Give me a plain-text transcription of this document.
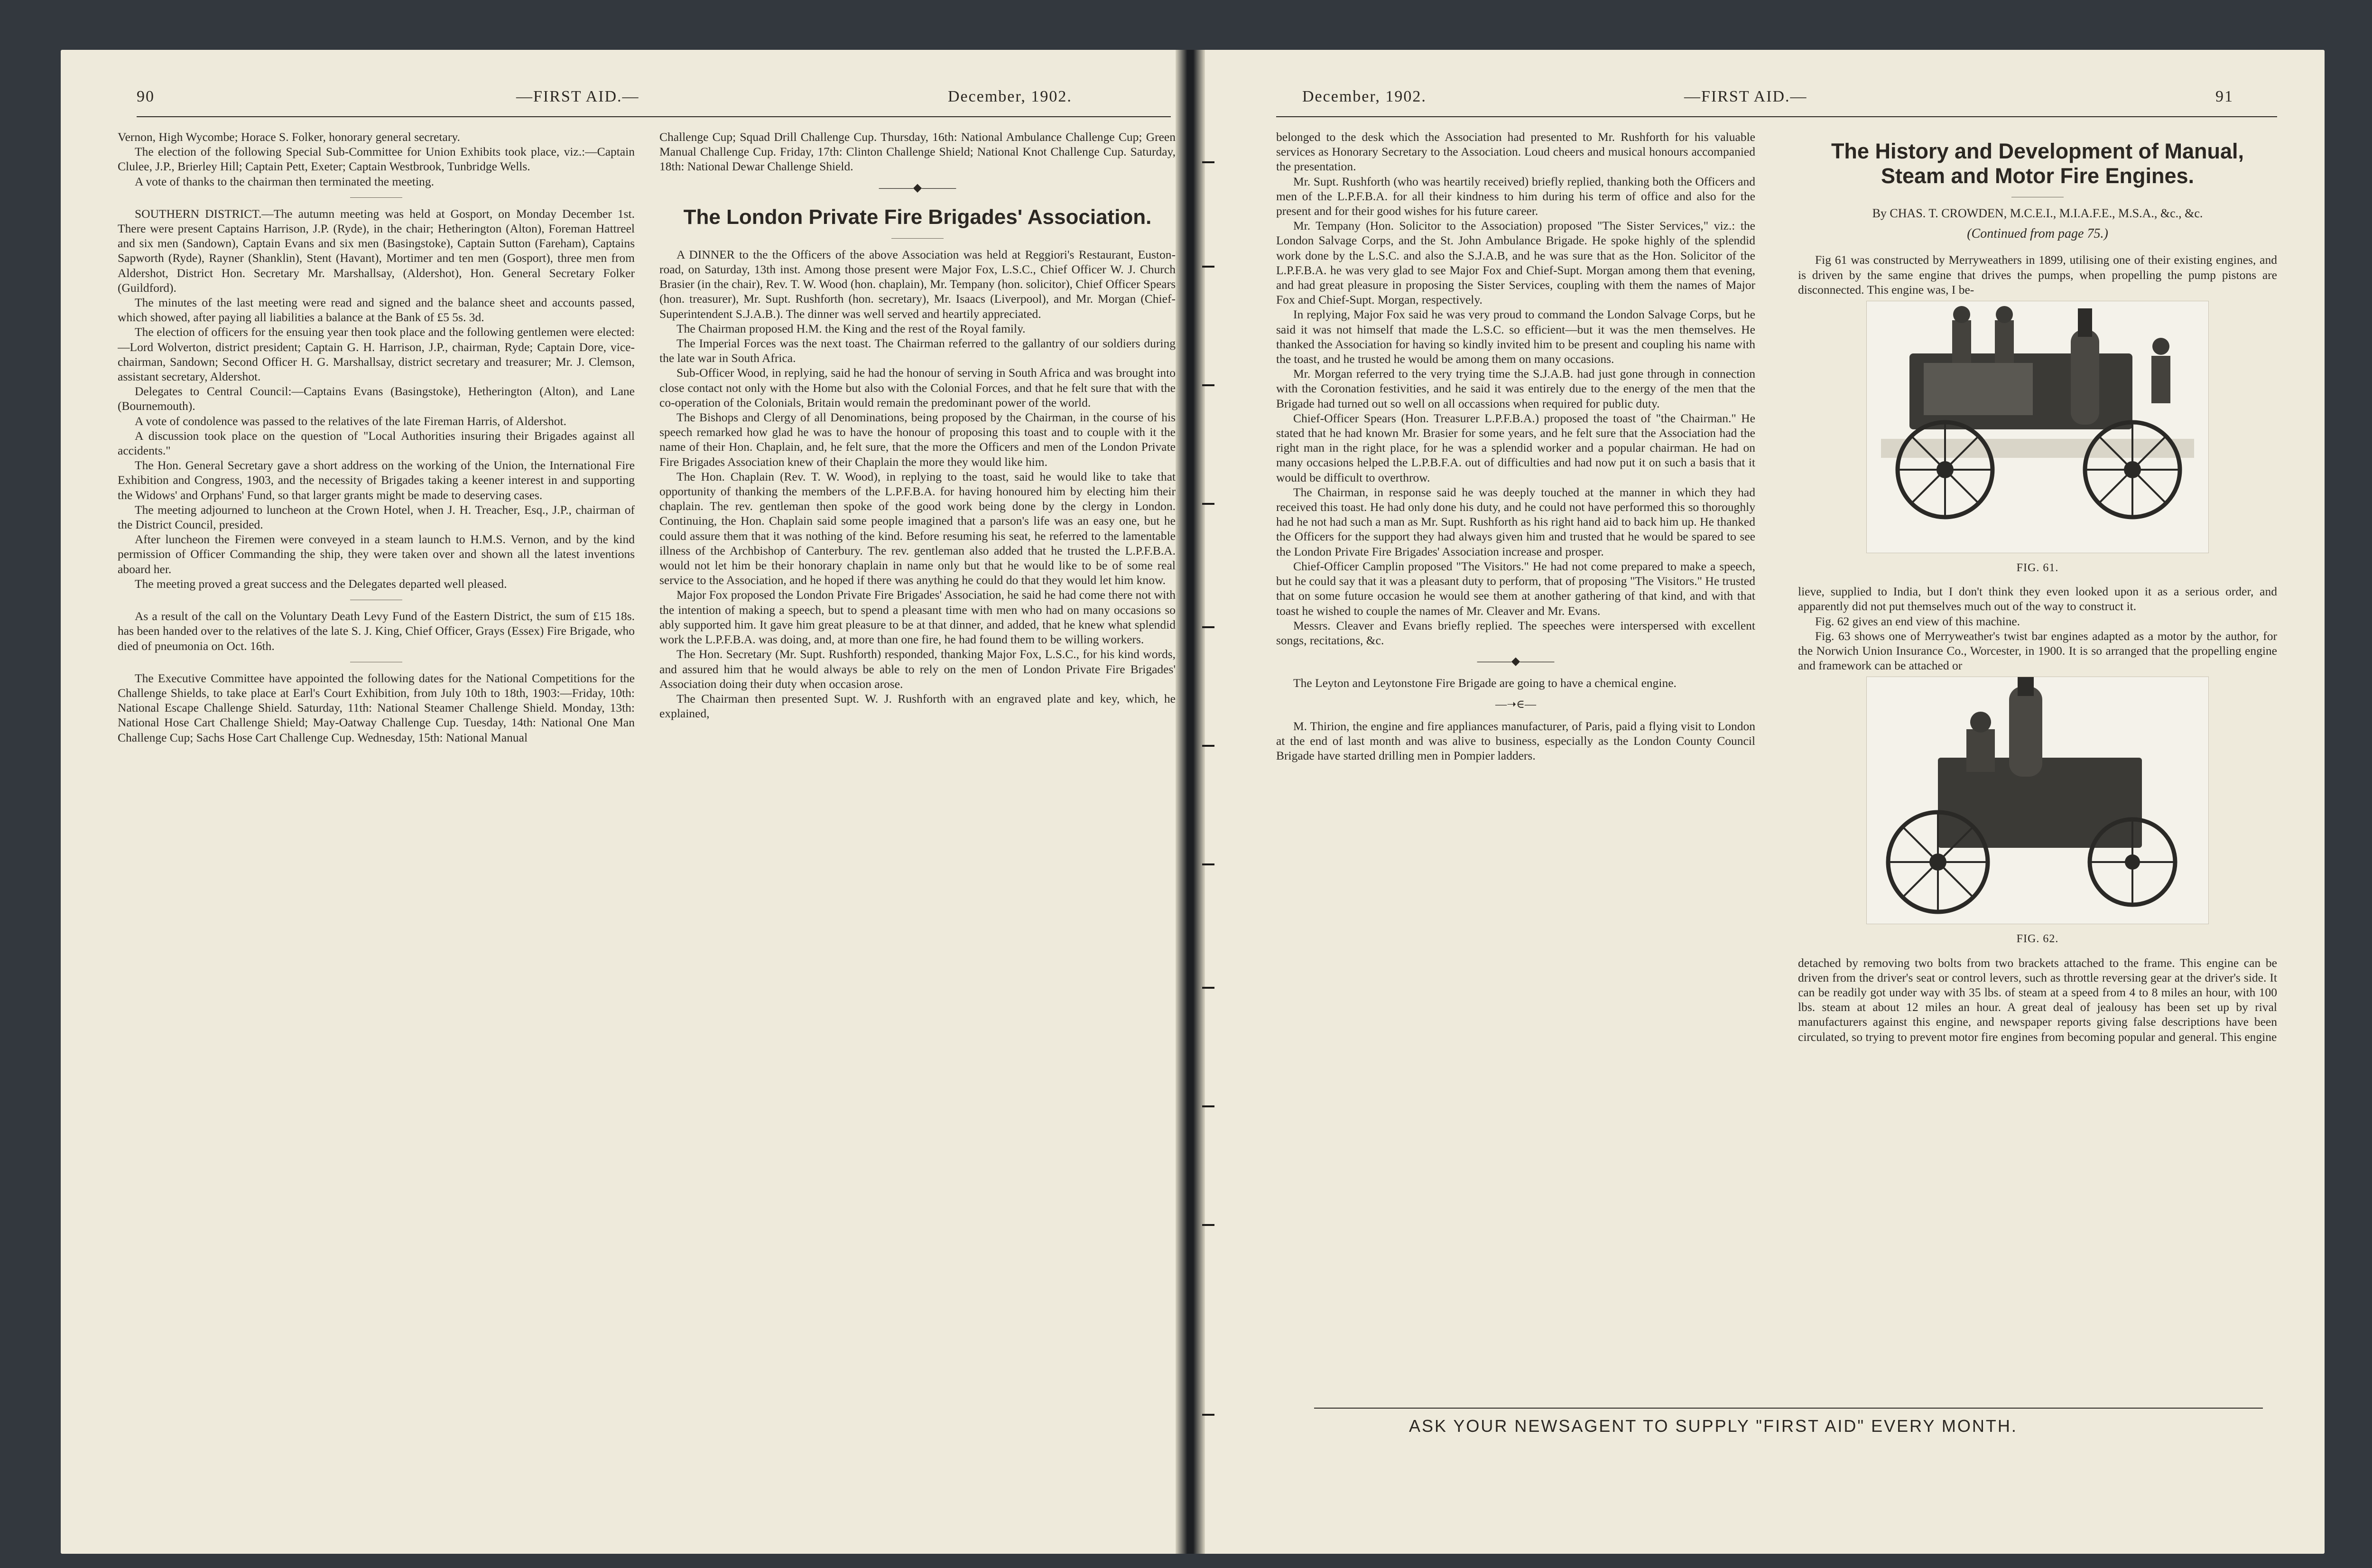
90	—FIRST AID.—	December, 1902.

Vernon, High Wycombe; Horace S. Folker, honorary general secretary.

The election of the following Special Sub-Committee for Union Exhibits took place, viz.:—Captain Clulee, J.P., Brierley Hill; Captain Pett, Exeter; Captain Westbrook, Tunbridge Wells.

A vote of thanks to the chairman then terminated the meeting.

SOUTHERN DISTRICT.—The autumn meeting was held at Gosport, on Monday December 1st. There were present Captains Harrison, J.P. (Ryde), in the chair; Hetherington (Alton), Foreman Hattreel and six men (Sandown), Captain Evans and six men (Basingstoke), Captain Sutton (Fareham), Captains Sapworth (Ryde), Rayner (Shanklin), Stent (Havant), Mortimer and ten men (Gosport), three men from Aldershot, District Hon. Secretary Mr. Marshallsay, (Aldershot), Hon. General Secretary Folker (Guildford).

The minutes of the last meeting were read and signed and the balance sheet and accounts passed, which showed, after paying all liabilities a balance at the Bank of £5 5s. 3d.

The election of officers for the ensuing year then took place and the following gentlemen were elected:—Lord Wolverton, district president; Captain G. H. Harrison, J.P., chairman, Ryde; Captain Dore, vice-chairman, Sandown; Second Officer H. G. Marshallsay, district secretary and treasurer; Mr. J. Clemson, assistant secretary, Aldershot.

Delegates to Central Council:—Captains Evans (Basingstoke), Hetherington (Alton), and Lane (Bournemouth).

A vote of condolence was passed to the relatives of the late Fireman Harris, of Aldershot.

A discussion took place on the question of "Local Authorities insuring their Brigades against all accidents."

The Hon. General Secretary gave a short address on the working of the Union, the International Fire Exhibition and Congress, 1903, and the necessity of Brigades taking a keener interest in and supporting the Widows' and Orphans' Fund, so that larger grants might be made to deserving cases.

The meeting adjourned to luncheon at the Crown Hotel, when J. H. Treacher, Esq., J.P., chairman of the District Council, presided.

After luncheon the Firemen were conveyed in a steam launch to H.M.S. Vernon, and by the kind permission of Officer Commanding the ship, they were taken over and shown all the latest inventions aboard her.

The meeting proved a great success and the Delegates departed well pleased.

As a result of the call on the Voluntary Death Levy Fund of the Eastern District, the sum of £15 18s. has been handed over to the relatives of the late S. J. King, Chief Officer, Grays (Essex) Fire Brigade, who died of pneumonia on Oct. 16th.

The Executive Committee have appointed the following dates for the National Competitions for the Challenge Shields, to take place at Earl's Court Exhibition, from July 10th to 18th, 1903:—Friday, 10th: National Escape Challenge Shield. Saturday, 11th: National Steamer Challenge Shield. Monday, 13th: National Hose Cart Challenge Shield; May-Oatway Challenge Cup. Tuesday, 14th: National One Man Challenge Cup; Sachs Hose Cart Challenge Cup. Wednesday, 15th: National Manual

Challenge Cup; Squad Drill Challenge Cup. Thursday, 16th: National Ambulance Challenge Cup; Green Manual Challenge Cup. Friday, 17th: Clinton Challenge Shield; National Knot Challenge Cup. Saturday, 18th: National Dewar Challenge Shield.

———◆———
The London Private Fire Brigades' Association.

A DINNER to the the Officers of the above Association was held at Reggiori's Restaurant, Euston-road, on Saturday, 13th inst. Among those present were Major Fox, L.S.C., Chief Officer W. J. Church Brasier (in the chair), Rev. T. W. Wood (hon. chaplain), Mr. Tempany (hon. solicitor), Chief Officer Spears (hon. treasurer), Mr. Supt. Rushforth (hon. secretary), Mr. Isaacs (Liverpool), and Mr. Morgan (Chief-Superintendent S.J.A.B.). The dinner was well served and heartily appreciated.

The Chairman proposed H.M. the King and the rest of the Royal family.

The Imperial Forces was the next toast. The Chairman referred to the gallantry of our soldiers during the late war in South Africa.

Sub-Officer Wood, in replying, said he had the honour of serving in South Africa and was brought into close contact not only with the Home but also with the Colonial Forces, and that he felt sure that with the co-operation of the Colonials, Britain would remain the predominant power of the world.

The Bishops and Clergy of all Denominations, being proposed by the Chairman, in the course of his speech remarked how glad he was to have the honour of proposing this toast and to couple with it the name of their Hon. Chaplain, and, he felt sure, that the more the Officers and men of the London Private Fire Brigades Association knew of their Chaplain the more they would like him.

The Hon. Chaplain (Rev. T. W. Wood), in replying to the toast, said he would like to take that opportunity of thanking the members of the L.P.F.B.A. for having honoured him by electing him their chaplain. The rev. gentleman then spoke of the good work being done by the clergy in London. Continuing, the Hon. Chaplain said some people imagined that a parson's life was an easy one, but he could assure them that it was nothing of the kind. Before resuming his seat, he referred to the lamentable illness of the Archbishop of Canterbury. The rev. gentleman also added that he trusted the L.P.F.B.A. would not let him be their honorary chaplain in name only but that he would like to be of some real service to the Association, and he hoped if there was anything he could do that they would let him know.

Major Fox proposed the London Private Fire Brigades' Association, he said he had come there not with the intention of making a speech, but to spend a pleasant time with men who had on many occasions so ably supported him. It gave him great pleasure to be at that dinner, and added, that he knew what splendid work the L.P.F.B.A. was doing, and, at more than one fire, he had found them to be willing workers.

The Hon. Secretary (Mr. Supt. Rushforth) responded, thanking Major Fox, L.S.C., for his kind words, and assured him that he would always be able to rely on the men of London Private Fire Brigades' Association doing their duty when occasion arose.

The Chairman then presented Supt. W. J. Rushforth with an engraved plate and key, which, he explained,

December, 1902.	—FIRST AID.—	91

belonged to the desk which the Association had presented to Mr. Rushforth for his valuable services as Honorary Secretary to the Association. Loud cheers and musical honours accompanied the presentation.

Mr. Supt. Rushforth (who was heartily received) briefly replied, thanking both the Officers and men of the L.P.F.B.A. for all their kindness to him during his term of office and also for the present and for their good wishes for his future career.

Mr. Tempany (Hon. Solicitor to the Association) proposed "The Sister Services," viz.: the London Salvage Corps, and the St. John Ambulance Brigade. He spoke highly of the splendid work done by the L.S.C. and also the S.J.A.B, and he was sure that as the Hon. Solicitor of the L.P.F.B.A. he was very glad to see Major Fox and Chief-Supt. Morgan among them that evening, and had great pleasure in proposing the Sister Services, coupling with them the names of Major Fox and Chief-Supt. Morgan, respectively.

In replying, Major Fox said he was very proud to command the London Salvage Corps, but he said it was not himself that made the L.S.C. so efficient—but it was the men themselves. He thanked the Association for having so kindly invited him to be present and coupling his name with the toast, and he trusted he would be among them on many occasions.

Mr. Morgan referred to the very trying time the S.J.A.B. had just gone through in connection with the Coronation festivities, and he said it was entirely due to the energy of the men that the Brigade had turned out so well on all occassions when required for public duty.

Chief-Officer Spears (Hon. Treasurer L.P.F.B.A.) proposed the toast of "the Chairman." He stated that he had known Mr. Brasier for some years, and he felt sure that the Association had the right man in the right place, for he was a splendid worker and a popular chairman. He had on many occasions helped the L.P.B.F.A. out of difficulties and had now put it on such a basis that it would be difficult to overthrow.

The Chairman, in response said he was deeply touched at the manner in which they had received this toast. He had only done his duty, and he could not have performed this so thoroughly had he not had such a man as Mr. Supt. Rushforth as his right hand aid to back him up. He thanked the Officers for the support they had always given him and trusted that he would be spared to see the London Private Fire Brigades' Association increase and prosper.

Chief-Officer Camplin proposed "The Visitors." He had not come prepared to make a speech, but he could say that it was a pleasant duty to perform, that of proposing "The Visitors." He trusted that on some future occasion he would see them at another gathering of that kind, and with that toast he wished to couple the names of Mr. Cleaver and Mr. Evans.

Messrs. Cleaver and Evans briefly replied. The speeches were interspersed with excellent songs, recitations, &c.

———◆———

The Leyton and Leytonstone Fire Brigade are going to have a chemical engine.

—➝∈—

M. Thirion, the engine and fire appliances manufacturer, of Paris, paid a flying visit to London at the end of last month and was alive to business, especially as the London County Council Brigade have started drilling men in Pompier ladders.

The History and Development of Manual, Steam and Motor Fire Engines.
By CHAS. T. CROWDEN, M.C.E.I., M.I.A.F.E., M.S.A., &c., &c.
(Continued from page 75.)

Fig 61 was constructed by Merryweathers in 1899, utilising one of their existing engines, and is driven by the same engine that drives the pumps, when propelling the pump pistons are disconnected. This engine was, I be-

FIG. 61.

lieve, supplied to India, but I don't think they even looked upon it as a serious order, and apparently did not put themselves much out of the way to construct it.

Fig. 62 gives an end view of this machine.

Fig. 63 shows one of Merryweather's twist bar engines adapted as a motor by the author, for the Norwich Union Insurance Co., Worcester, in 1900. It is so arranged that the propelling engine and framework can be attached or

FIG. 62.

detached by removing two bolts from two brackets attached to the frame. This engine can be driven from the driver's seat or control levers, such as throttle reversing gear at the driver's side. It can be readily got under way with 35 lbs. of steam at a speed from 4 to 8 miles an hour, with 100 lbs. steam at about 12 miles an hour. A great deal of jealousy has been set up by rival manufacturers against this engine, and newspaper reports giving false descriptions have been circulated, so trying to prevent motor fire engines from becoming popular and general. This engine

ASK YOUR NEWSAGENT TO SUPPLY "FIRST AID" EVERY MONTH.
